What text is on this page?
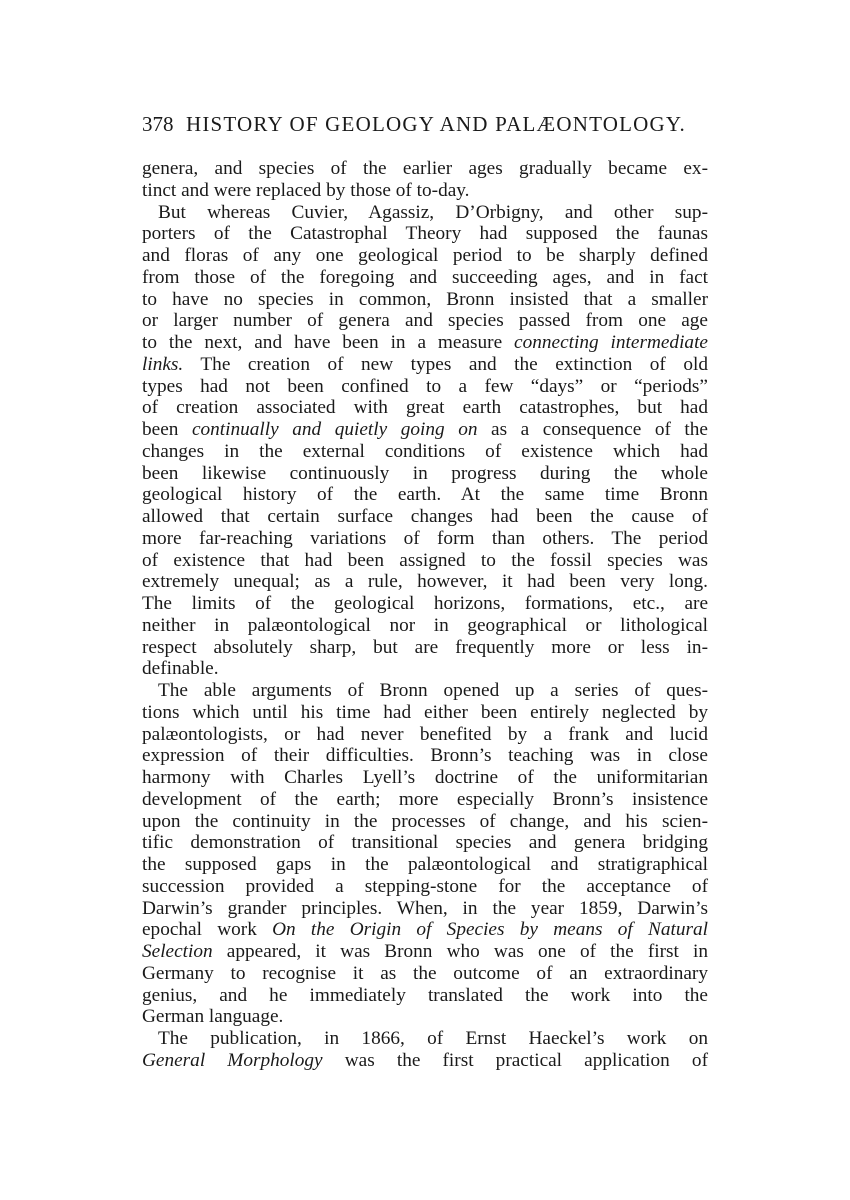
378 HISTORY OF GEOLOGY AND PALÆONTOLOGY.
genera, and species of the earlier ages gradually became ex-
tinct and were replaced by those of to-day.
But whereas Cuvier, Agassiz, D’Orbigny, and other sup-
porters of the Catastrophal Theory had supposed the faunas
and floras of any one geological period to be sharply defined
from those of the foregoing and succeeding ages, and in fact
to have no species in common, Bronn insisted that a smaller
or larger number of genera and species passed from one age
to the next, and have been in a measure connecting intermediate
links. The creation of new types and the extinction of old
types had not been confined to a few “days” or “periods”
of creation associated with great earth catastrophes, but had
been continually and quietly going on as a consequence of the
changes in the external conditions of existence which had
been likewise continuously in progress during the whole
geological history of the earth. At the same time Bronn
allowed that certain surface changes had been the cause of
more far-reaching variations of form than others. The period
of existence that had been assigned to the fossil species was
extremely unequal; as a rule, however, it had been very long.
The limits of the geological horizons, formations, etc., are
neither in palæontological nor in geographical or lithological
respect absolutely sharp, but are frequently more or less in-
definable.
The able arguments of Bronn opened up a series of ques-
tions which until his time had either been entirely neglected by
palæontologists, or had never benefited by a frank and lucid
expression of their difficulties. Bronn’s teaching was in close
harmony with Charles Lyell’s doctrine of the uniformitarian
development of the earth; more especially Bronn’s insistence
upon the continuity in the processes of change, and his scien-
tific demonstration of transitional species and genera bridging
the supposed gaps in the palæontological and stratigraphical
succession provided a stepping-stone for the acceptance of
Darwin’s grander principles. When, in the year 1859, Darwin’s
epochal work On the Origin of Species by means of Natural
Selection appeared, it was Bronn who was one of the first in
Germany to recognise it as the outcome of an extraordinary
genius, and he immediately translated the work into the
German language.
The publication, in 1866, of Ernst Haeckel’s work on
General Morphology was the first practical application of
